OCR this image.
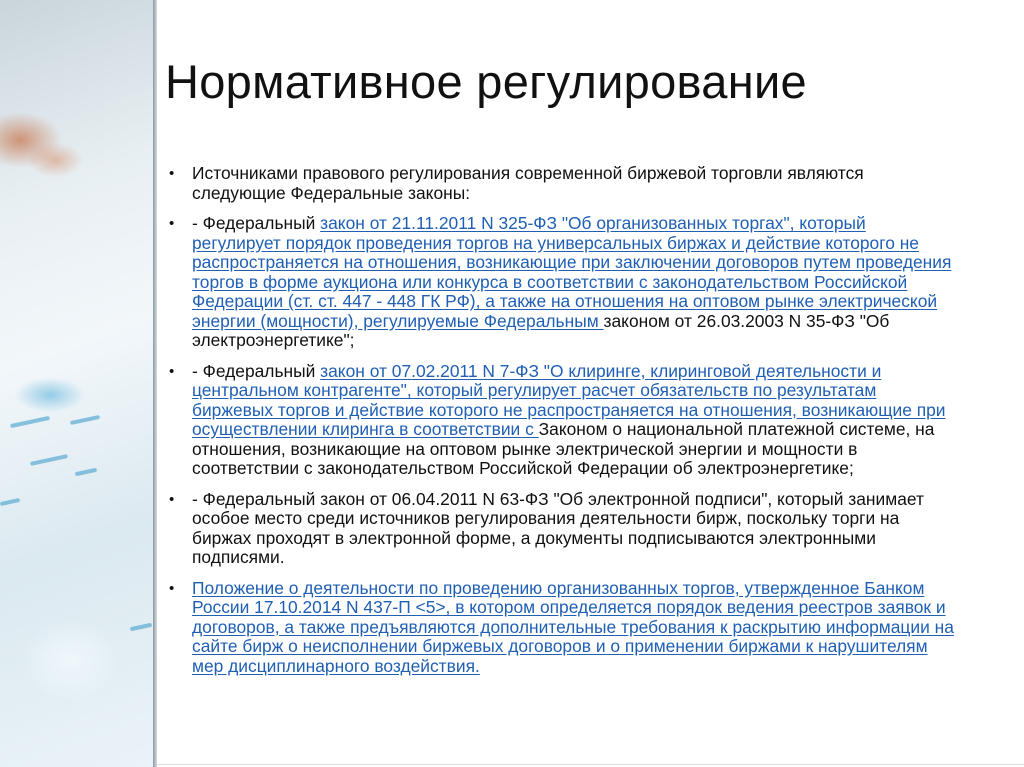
Нормативное регулирование
• Источниками правового регулирования современной биржевой торговли являются следующие Федеральные законы:
• - Федеральный закон от 21.11.2011 N 325-ФЗ "Об организованных торгах", который регулирует порядок проведения торгов на универсальных биржах и действие которого не распространяется на отношения, возникающие при заключении договоров путем проведения торгов в форме аукциона или конкурса в соответствии с законодательством Российской Федерации (ст. ст. 447 - 448 ГК РФ), а также на отношения на оптовом рынке электрической энергии (мощности), регулируемые Федеральным законом от 26.03.2003 N 35-ФЗ "Об электроэнергетике";
• - Федеральный закон от 07.02.2011 N 7-ФЗ "О клиринге, клиринговой деятельности и центральном контрагенте", который регулирует расчет обязательств по результатам биржевых торгов и действие которого не распространяется на отношения, возникающие при осуществлении клиринга в соответствии с Законом о национальной платежной системе, на отношения, возникающие на оптовом рынке электрической энергии и мощности в соответствии с законодательством Российской Федерации об электроэнергетике;
• - Федеральный закон от 06.04.2011 N 63-ФЗ "Об электронной подписи", который занимает особое место среди источников регулирования деятельности бирж, поскольку торги на биржах проходят в электронной форме, а документы подписываются электронными подписями.
• Положение о деятельности по проведению организованных торгов, утвержденное Банком России 17.10.2014 N 437-П <5>, в котором определяется порядок ведения реестров заявок и договоров, а также предъявляются дополнительные требования к раскрытию информации на сайте бирж о неисполнении биржевых договоров и о применении биржами к нарушителям мер дисциплинарного воздействия.
